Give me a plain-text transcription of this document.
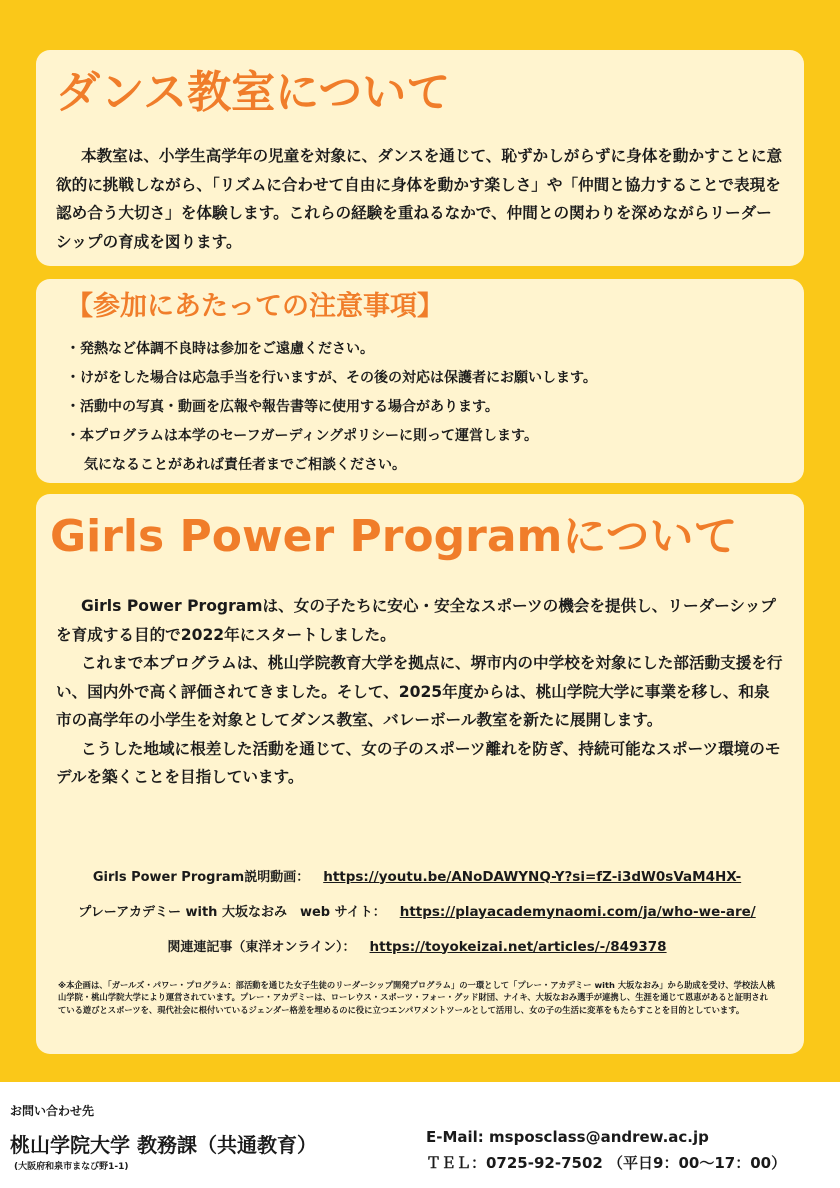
ダンス教室について

本教室は、小学生高学年の児童を対象に、ダンスを通じて、恥ずかしがらずに身体を動かすことに意欲的に挑戦しながら、「リズムに合わせて自由に身体を動かす楽しさ」や「仲間と協力することで表現を認め合う大切さ」を体験します。これらの経験を重ねるなかで、仲間との関わりを深めながらリーダーシップの育成を図ります。

【参加にあたっての注意事項】
・発熱など体調不良時は参加をご遠慮ください。
・けがをした場合は応急手当を行いますが、その後の対応は保護者にお願いします。
・活動中の写真・動画を広報や報告書等に使用する場合があります。
・本プログラムは本学のセーフガーディングポリシーに則って運営します。
気になることがあれば責任者までご相談ください。
Girls Power Programについて

Girls Power Programは、女の子たちに安心・安全なスポーツの機会を提供し、リーダーシップを育成する目的で2022年にスタートしました。

これまで本プログラムは、桃山学院教育大学を拠点に、堺市内の中学校を対象にした部活動支援を行い、国内外で高く評価されてきました。そして、2025年度からは、桃山学院大学に事業を移し、和泉市の高学年の小学生を対象としてダンス教室、バレーボール教室を新たに展開します。

こうした地域に根差した活動を通じて、女の子のスポーツ離れを防ぎ、持続可能なスポーツ環境のモデルを築くことを目指しています。

Girls Power Program説明動画： https://youtu.be/ANoDAWYNQ-Y?si=fZ-i3dW0sVaM4HX-
プレーアカデミー with 大坂なおみ　web サイト： https://playacademynaomi.com/ja/who-we-are/
関連連記事（東洋オンライン）： https://toyokeizai.net/articles/-/849378

※本企画は、「ガールズ・パワー・プログラム：部活動を通じた女子生徒のリーダーシップ開発プログラム」の一環として「プレー・アカデミー with 大坂なおみ」から助成を受け、学校法人桃山学院・桃山学院大学により運営されています。プレー・アカデミーは、ローレウス・スポーツ・フォー・グッド財団、ナイキ、大坂なおみ選手が連携し、生涯を通じて恩恵があると証明されている遊びとスポーツを、現代社会に根付いているジェンダー格差を埋めるのに役に立つエンパワメントツールとして活用し、女の子の生活に変革をもたらすことを目的としています。

お問い合わせ先
桃山学院大学 教務課（共通教育）
(大阪府和泉市まなび野1-1)
E-Mail: msposclass@andrew.ac.jp
ＴＥＬ：0725-92-7502 （平日9：00〜17：00）
